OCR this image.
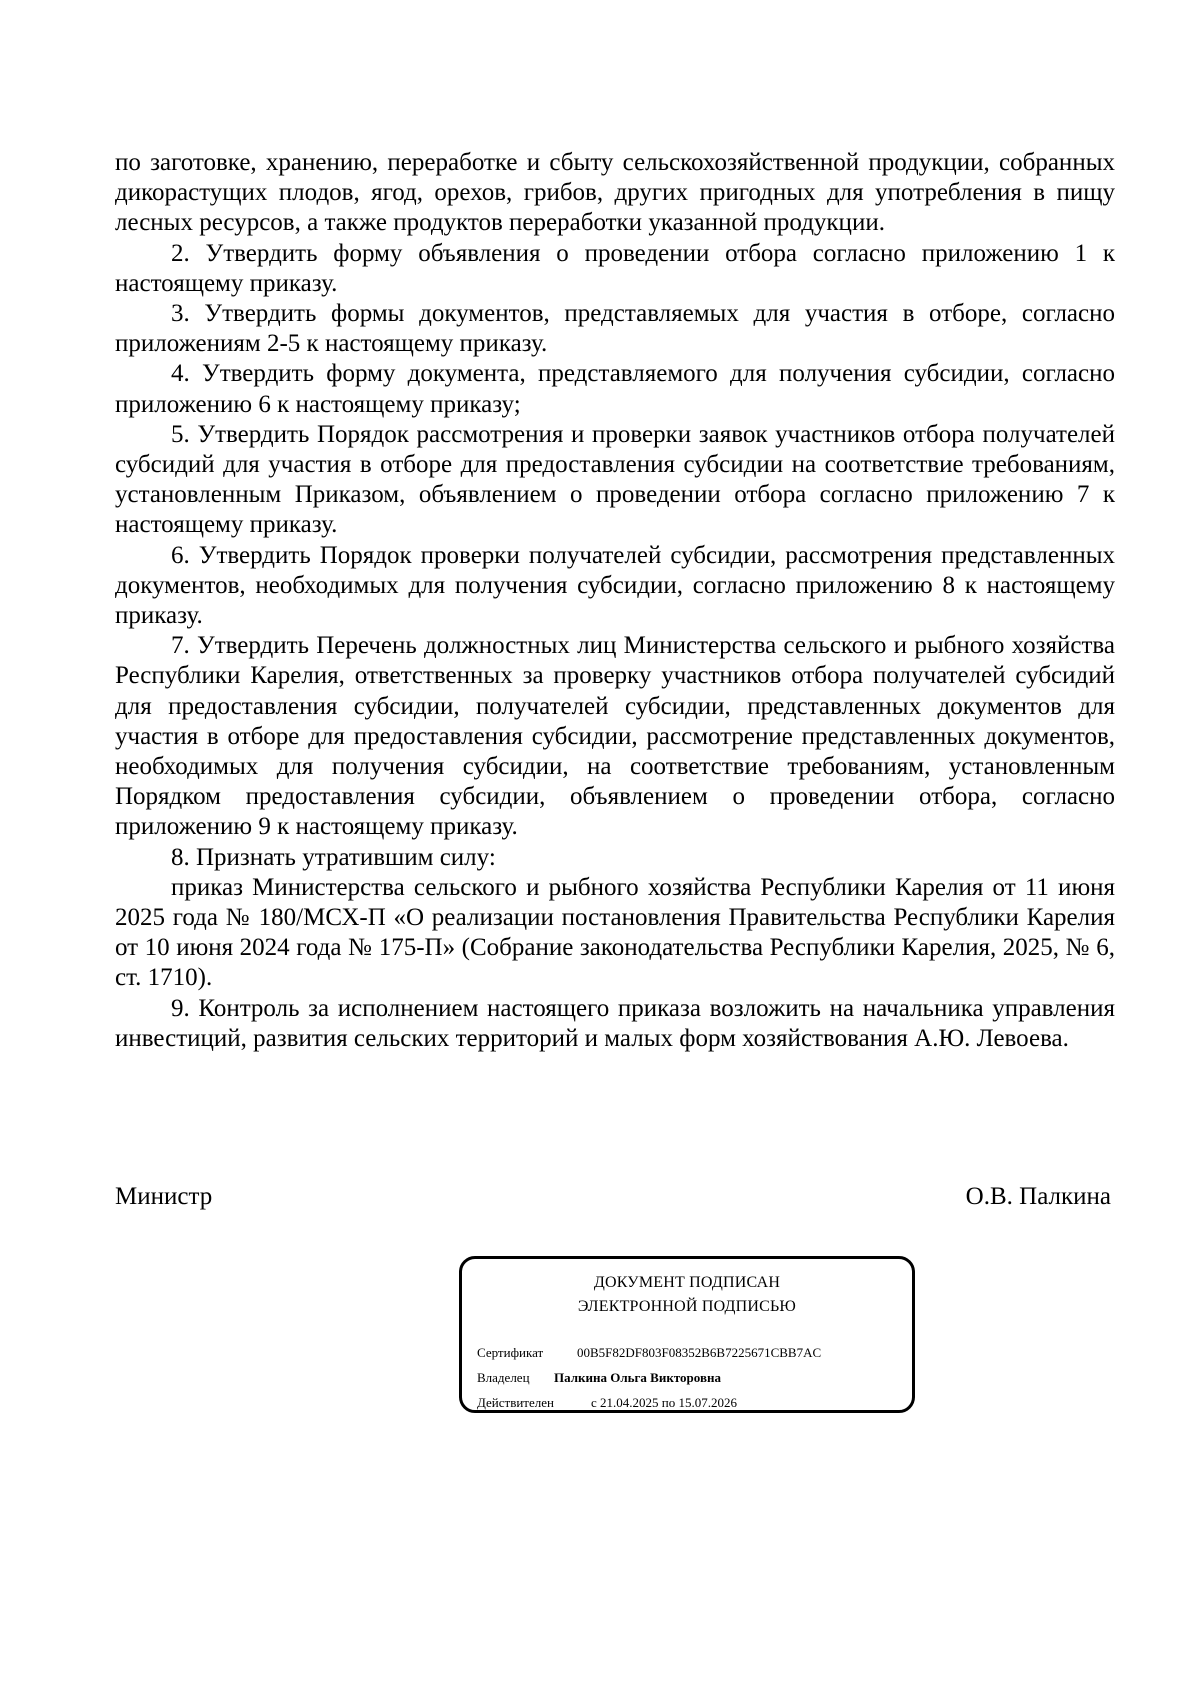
по заготовке, хранению, переработке и сбыту сельскохозяйственной продукции, собранных дикорастущих плодов, ягод, орехов, грибов, других пригодных для употребления в пищу лесных ресурсов, а также продуктов переработки указанной продукции.

2. Утвердить форму объявления о проведении отбора согласно приложению 1 к настоящему приказу.

3. Утвердить формы документов, представляемых для участия в отборе, согласно приложениям 2-5 к настоящему приказу.

4. Утвердить форму документа, представляемого для получения субсидии, согласно приложению 6 к настоящему приказу;

5. Утвердить Порядок рассмотрения и проверки заявок участников отбора получателей субсидий для участия в отборе для предоставления субсидии на соответствие требованиям, установленным Приказом, объявлением о проведении отбора согласно приложению 7 к настоящему приказу.

6. Утвердить Порядок проверки получателей субсидии, рассмотрения представленных документов, необходимых для получения субсидии, согласно приложению 8 к настоящему приказу.

7. Утвердить Перечень должностных лиц Министерства сельского и рыбного хозяйства Республики Карелия, ответственных за проверку участников отбора получателей субсидий для предоставления субсидии, получателей субсидии, представленных документов для участия в отборе для предоставления субсидии, рассмотрение представленных документов, необходимых для получения субсидии, на соответствие требованиям, установленным Порядком предоставления субсидии, объявлением о проведении отбора, согласно приложению 9 к настоящему приказу.

8. Признать утратившим силу:

приказ Министерства сельского и рыбного хозяйства Республики Карелия от 11 июня 2025 года № 180/МСХ-П «О реализации постановления Правительства Республики Карелия от 10 июня 2024 года № 175-П» (Собрание законодательства Республики Карелия, 2025, № 6, ст. 1710).

9. Контроль за исполнением настоящего приказа возложить на начальника управления инвестиций, развития сельских территорий и малых форм хозяйствования А.Ю. Левоева.

Министр	О.В. Палкина
ДОКУМЕНТ ПОДПИСАН
ЭЛЕКТРОННОЙ ПОДПИСЬЮ
Сертификат	00B5F82DF803F08352B6B7225671CBB7AC
Владелец Палкина Ольга Викторовна
Действителен	с 21.04.2025 по 15.07.2026
